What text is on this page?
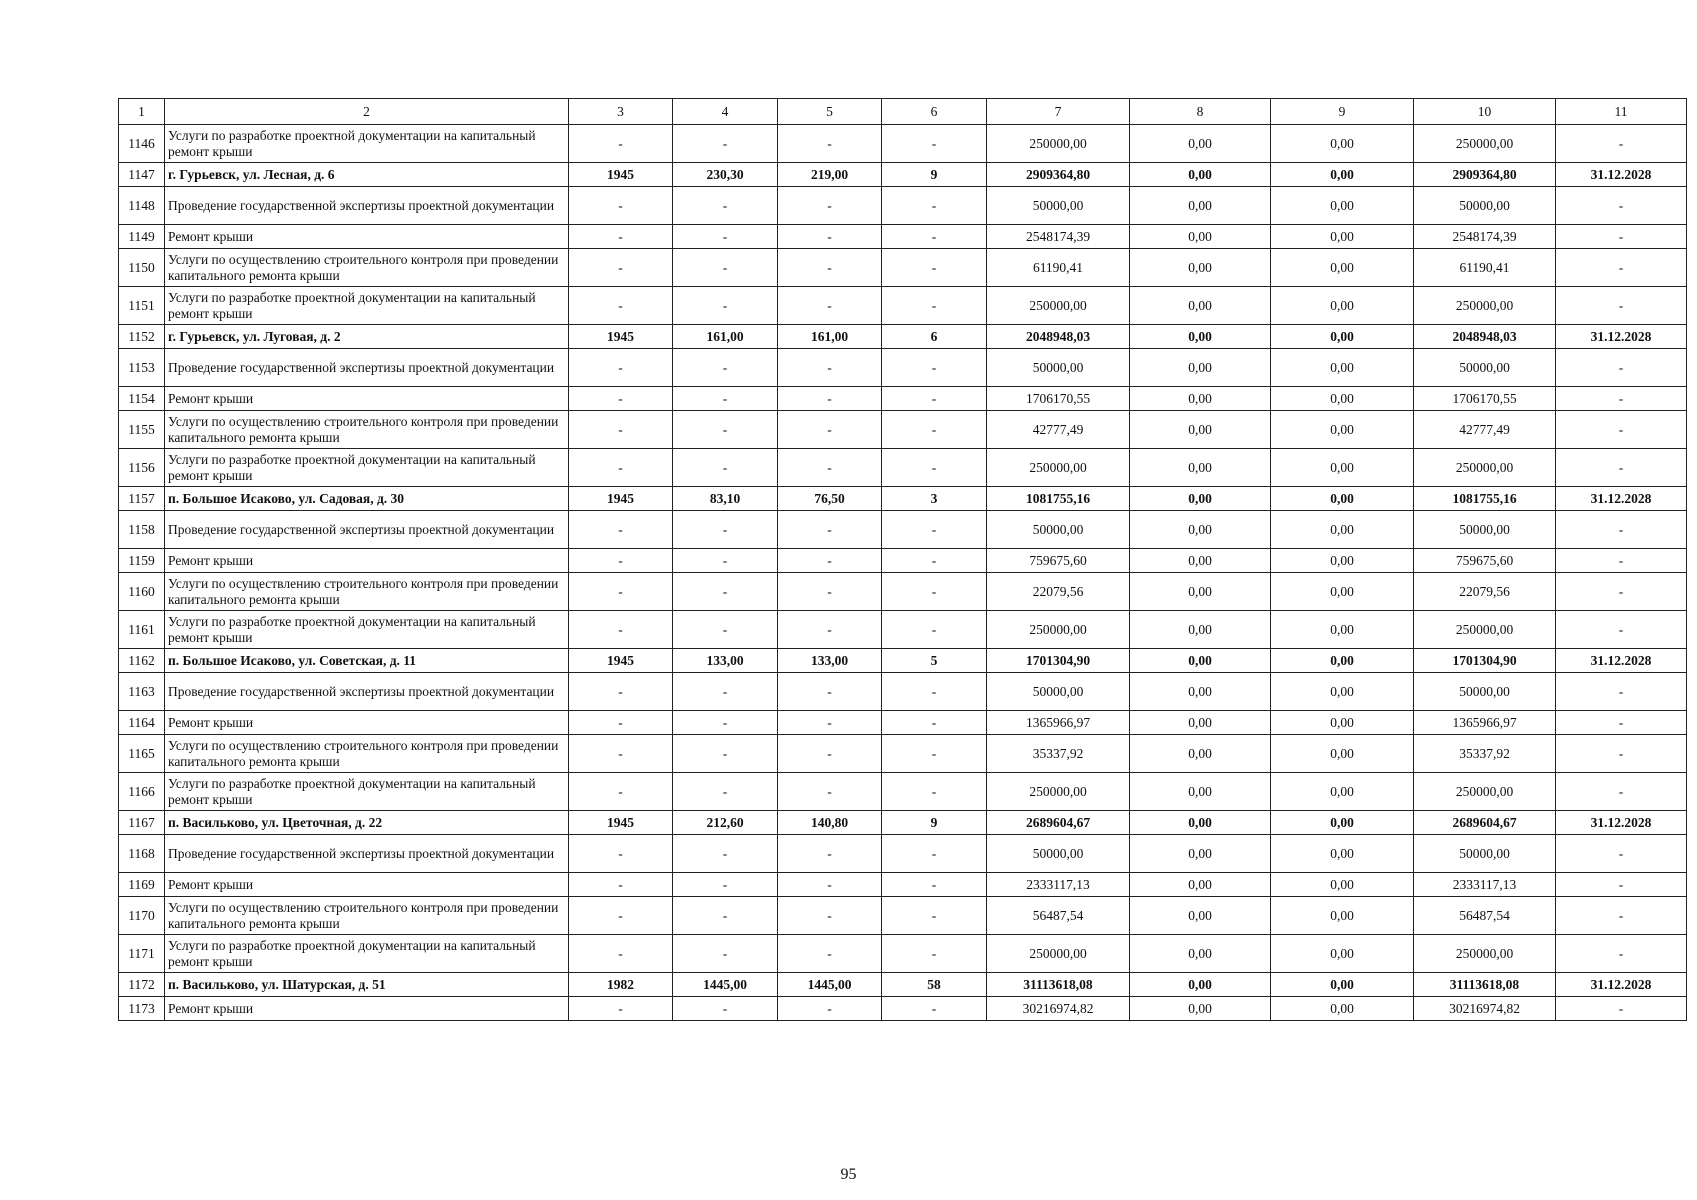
1	2	3	4	5	6	7	8	9	10	11
1146	Услуги по разработке проектной документации на капитальный ремонт крыши	-	-	-	-	250000,00	0,00	0,00	250000,00	-
1147	г. Гурьевск, ул. Лесная, д. 6	1945	230,30	219,00	9	2909364,80	0,00	0,00	2909364,80	31.12.2028
1148	Проведение государственной экспертизы проектной документации	-	-	-	-	50000,00	0,00	0,00	50000,00	-
1149	Ремонт крыши	-	-	-	-	2548174,39	0,00	0,00	2548174,39	-
1150	Услуги по осуществлению строительного контроля при проведении капитального ремонта крыши	-	-	-	-	61190,41	0,00	0,00	61190,41	-
1151	Услуги по разработке проектной документации на капитальный ремонт крыши	-	-	-	-	250000,00	0,00	0,00	250000,00	-
1152	г. Гурьевск, ул. Луговая, д. 2	1945	161,00	161,00	6	2048948,03	0,00	0,00	2048948,03	31.12.2028
1153	Проведение государственной экспертизы проектной документации	-	-	-	-	50000,00	0,00	0,00	50000,00	-
1154	Ремонт крыши	-	-	-	-	1706170,55	0,00	0,00	1706170,55	-
1155	Услуги по осуществлению строительного контроля при проведении капитального ремонта крыши	-	-	-	-	42777,49	0,00	0,00	42777,49	-
1156	Услуги по разработке проектной документации на капитальный ремонт крыши	-	-	-	-	250000,00	0,00	0,00	250000,00	-
1157	п. Большое Исаково, ул. Садовая, д. 30	1945	83,10	76,50	3	1081755,16	0,00	0,00	1081755,16	31.12.2028
1158	Проведение государственной экспертизы проектной документации	-	-	-	-	50000,00	0,00	0,00	50000,00	-
1159	Ремонт крыши	-	-	-	-	759675,60	0,00	0,00	759675,60	-
1160	Услуги по осуществлению строительного контроля при проведении капитального ремонта крыши	-	-	-	-	22079,56	0,00	0,00	22079,56	-
1161	Услуги по разработке проектной документации на капитальный ремонт крыши	-	-	-	-	250000,00	0,00	0,00	250000,00	-
1162	п. Большое Исаково, ул. Советская, д. 11	1945	133,00	133,00	5	1701304,90	0,00	0,00	1701304,90	31.12.2028
1163	Проведение государственной экспертизы проектной документации	-	-	-	-	50000,00	0,00	0,00	50000,00	-
1164	Ремонт крыши	-	-	-	-	1365966,97	0,00	0,00	1365966,97	-
1165	Услуги по осуществлению строительного контроля при проведении капитального ремонта крыши	-	-	-	-	35337,92	0,00	0,00	35337,92	-
1166	Услуги по разработке проектной документации на капитальный ремонт крыши	-	-	-	-	250000,00	0,00	0,00	250000,00	-
1167	п. Васильково, ул. Цветочная, д. 22	1945	212,60	140,80	9	2689604,67	0,00	0,00	2689604,67	31.12.2028
1168	Проведение государственной экспертизы проектной документации	-	-	-	-	50000,00	0,00	0,00	50000,00	-
1169	Ремонт крыши	-	-	-	-	2333117,13	0,00	0,00	2333117,13	-
1170	Услуги по осуществлению строительного контроля при проведении капитального ремонта крыши	-	-	-	-	56487,54	0,00	0,00	56487,54	-
1171	Услуги по разработке проектной документации на капитальный ремонт крыши	-	-	-	-	250000,00	0,00	0,00	250000,00	-
1172	п. Васильково, ул. Шатурская, д. 51	1982	1445,00	1445,00	58	31113618,08	0,00	0,00	31113618,08	31.12.2028
1173	Ремонт крыши	-	-	-	-	30216974,82	0,00	0,00	30216974,82	-
95
